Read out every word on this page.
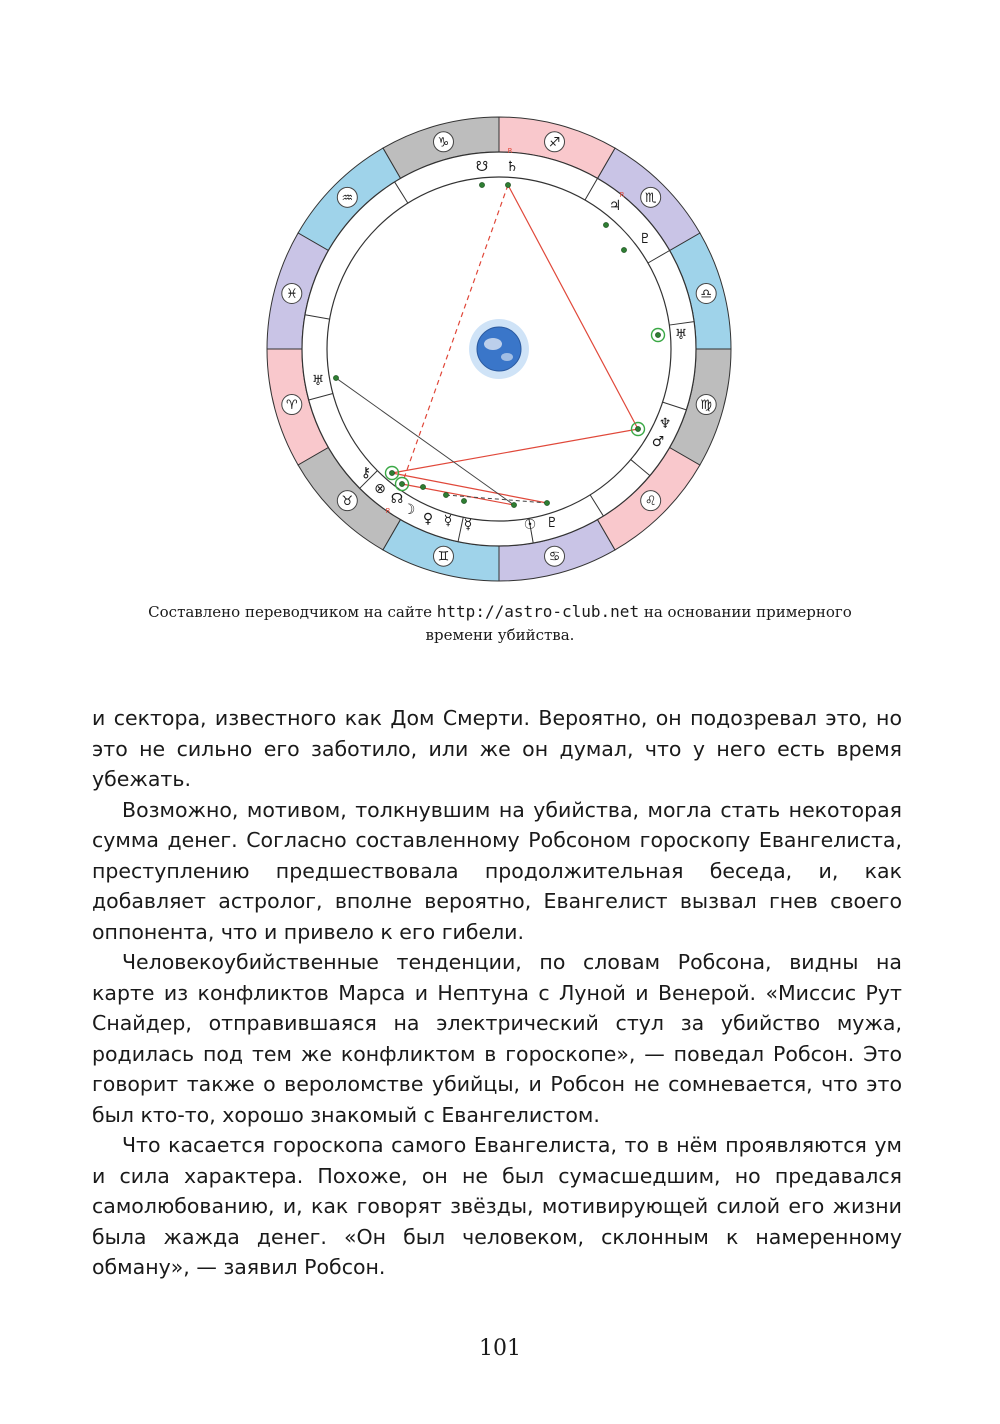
♈
♉
♊	♋
♌
♍
♎
♏
♐
♑
♒
♓
☋ ♄
♃
♇
♅
♆
♂
♅
⚷
⊗
☊
☽
♀ ☿ ☿	☉ ♇
R
R
R
Составлено переводчиком на сайте http://astro-club.net на основании примерного
времени убийства.

и сектора, известного как Дом Смерти. Вероятно, он подозревал это, но это не сильно его заботило, или же он думал, что у него есть время убежать.

Возможно, мотивом, толкнувшим на убийства, могла стать некоторая сумма денег. Согласно составленному Робсоном гороскопу Евангелиста, преступлению предшествовала продолжительная беседа, и, как добавляет астролог, вполне вероятно, Евангелист вызвал гнев своего оппонента, что и привело к его гибели.

Человекоубийственные тенденции, по словам Робсона, видны на карте из конфликтов Марса и Нептуна с Луной и Венерой. «Миссис Рут Снайдер, отправившаяся на электрический стул за убийство мужа, родилась под тем же конфликтом в гороскопе», — поведал Робсон. Это говорит также о вероломстве убийцы, и Робсон не сомневается, что это был кто-то, хорошо знакомый с Евангелистом.

Что касается гороскопа самого Евангелиста, то в нём проявляются ум и сила характера. Похоже, он не был сумасшедшим, но предавался самолюбованию, и, как говорят звёзды, мотивирующей силой его жизни была жажда денег. «Он был человеком, склонным к намеренному обману», — заявил Робсон.

101
